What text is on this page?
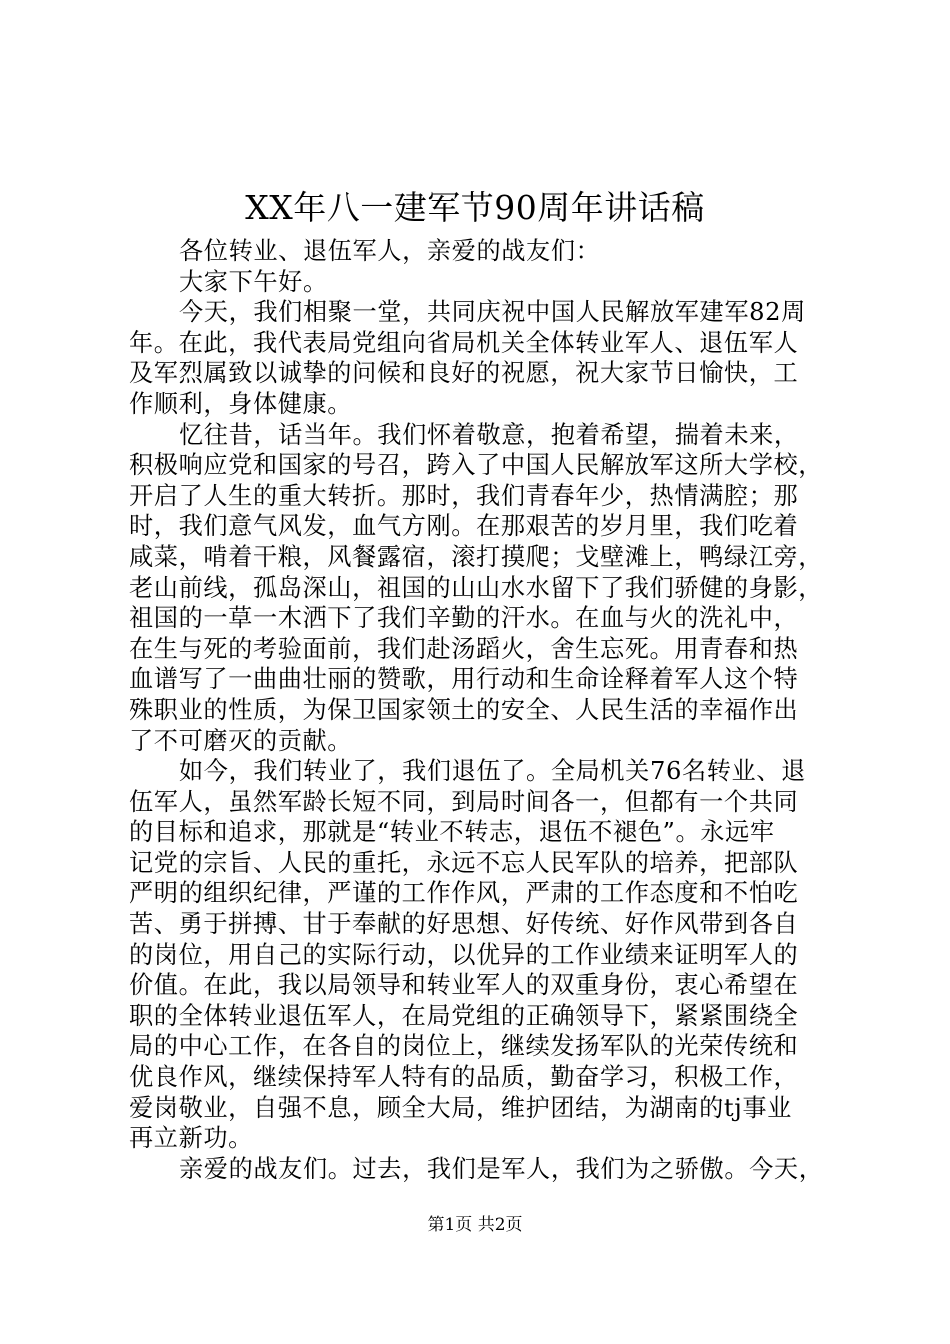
XX年八一建军节90周年讲话稿
各位转业、退伍军人，亲爱的战友们：
大家下午好。
今天，我们相聚一堂，共同庆祝中国人民解放军建军82周
年。在此，我代表局党组向省局机关全体转业军人、退伍军人
及军烈属致以诚挚的问候和良好的祝愿，祝大家节日愉快，工
作顺利，身体健康。
忆往昔，话当年。我们怀着敬意，抱着希望，揣着未来，
积极响应党和国家的号召，跨入了中国人民解放军这所大学校，
开启了人生的重大转折。那时，我们青春年少，热情满腔；那
时，我们意气风发，血气方刚。在那艰苦的岁月里，我们吃着
咸菜，啃着干粮，风餐露宿，滚打摸爬；戈壁滩上，鸭绿江旁，
老山前线，孤岛深山，祖国的山山水水留下了我们骄健的身影，
祖国的一草一木洒下了我们辛勤的汗水。在血与火的洗礼中，
在生与死的考验面前，我们赴汤蹈火，舍生忘死。用青春和热
血谱写了一曲曲壮丽的赞歌，用行动和生命诠释着军人这个特
殊职业的性质，为保卫国家领土的安全、人民生活的幸福作出
了不可磨灭的贡献。
如今，我们转业了，我们退伍了。全局机关76名转业、退
伍军人，虽然军龄长短不同，到局时间各一，但都有一个共同
的目标和追求，那就是“转业不转志，退伍不褪色”。永远牢
记党的宗旨、人民的重托，永远不忘人民军队的培养，把部队
严明的组织纪律，严谨的工作作风，严肃的工作态度和不怕吃
苦、勇于拼搏、甘于奉献的好思想、好传统、好作风带到各自
的岗位，用自己的实际行动，以优异的工作业绩来证明军人的
价值。在此，我以局领导和转业军人的双重身份，衷心希望在
职的全体转业退伍军人，在局党组的正确领导下，紧紧围绕全
局的中心工作，在各自的岗位上，继续发扬军队的光荣传统和
优良作风，继续保持军人特有的品质，勤奋学习，积极工作，
爱岗敬业，自强不息，顾全大局，维护团结，为湖南的tj事业
再立新功。
亲爱的战友们。过去，我们是军人，我们为之骄傲。今天，
第1页 共2页
